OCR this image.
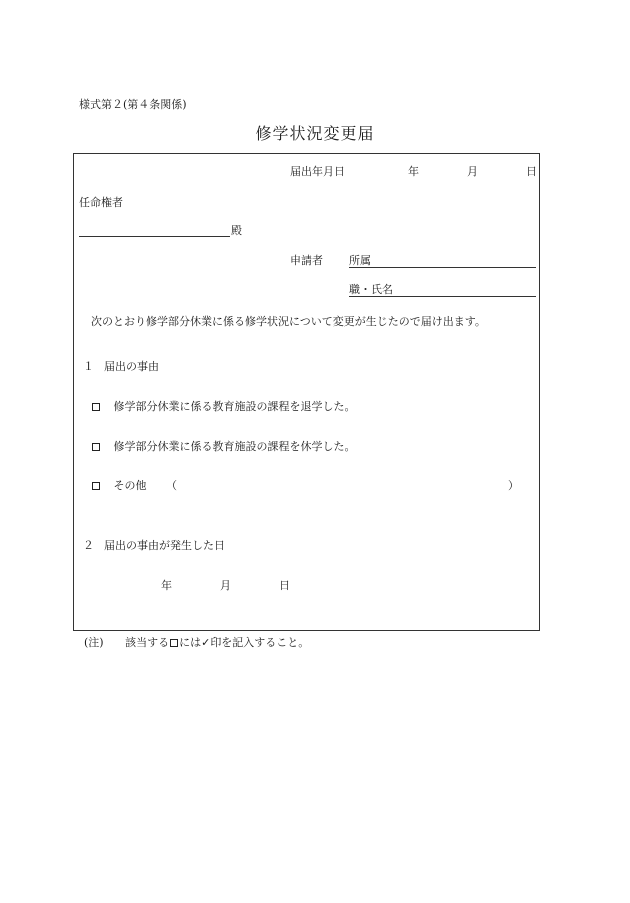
様式第２(第４条関係)
修学状況変更届
届出年月日	年	月	日
任命権者
殿
申請者 所属
職・氏名
次のとおり修学部分休業に係る修学状況について変更が生じたので届け出ます。
１ 届出の事由
修学部分休業に係る教育施設の課程を退学した。
修学部分休業に係る教育施設の課程を休学した。
その他 （	）
２ 届出の事由が発生した日
年	月	日
(注) 該当する には✓印を記入すること。
